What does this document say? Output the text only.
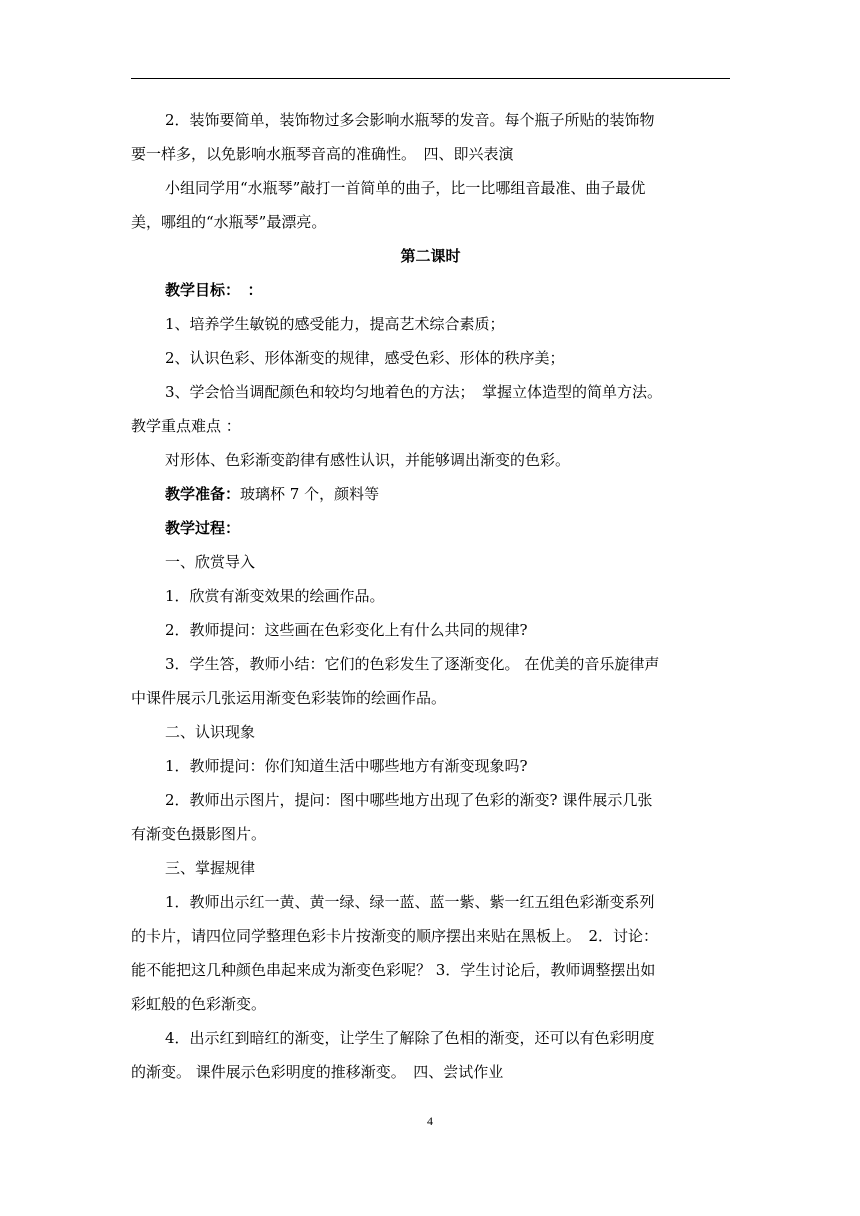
2．装饰要简单，装饰物过多会影响水瓶琴的发音。每个瓶子所贴的装饰物

要一样多，以免影响水瓶琴音高的准确性。　四、即兴表演

小组同学用“水瓶琴”敲打一首简单的曲子，比一比哪组音最准、曲子最优

美，哪组的“水瓶琴”最漂亮。

第二课时

教学目标：　：

1、培养学生敏锐的感受能力，提高艺术综合素质；

2、认识色彩、形体渐变的规律，感受色彩、形体的秩序美；

3、学会恰当调配颜色和较均匀地着色的方法；　掌握立体造型的简单方法。

教学重点难点 ：

对形体、色彩渐变韵律有感性认识，并能够调出渐变的色彩。

教学准备：玻璃杯 7 个，颜料等

教学过程：

一、欣赏导入

1．欣赏有渐变效果的绘画作品。

2．教师提问：这些画在色彩变化上有什么共同的规律?

3．学生答，教师小结：它们的色彩发生了逐渐变化。 在优美的音乐旋律声

中课件展示几张运用渐变色彩装饰的绘画作品。

二、认识现象

1．教师提问：你们知道生活中哪些地方有渐变现象吗?

2．教师出示图片，提问：图中哪些地方出现了色彩的渐变? 课件展示几张

有渐变色摄影图片。

三、掌握规律

1．教师出示红一黄、黄一绿、绿一蓝、蓝一紫、紫一红五组色彩渐变系列

的卡片，请四位同学整理色彩卡片按渐变的顺序摆出来贴在黑板上。　2．讨论：

能不能把这几种颜色串起来成为渐变色彩呢？ 3．学生讨论后，教师调整摆出如

彩虹般的色彩渐变。

4．出示红到暗红的渐变，让学生了解除了色相的渐变，还可以有色彩明度

的渐变。 课件展示色彩明度的推移渐变。　四、尝试作业

4
